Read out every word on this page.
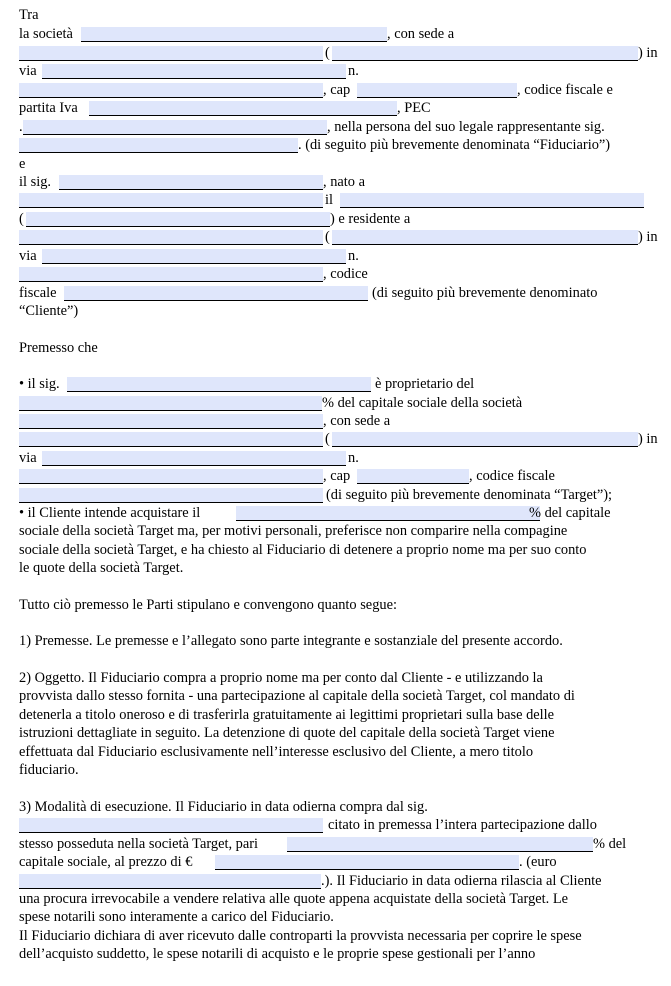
Tra
la società	, con sede a
(	) in
via	n.
, cap	, codice fiscale e
partita Iva	, PEC
.	, nella persona del suo legale rappresentante sig.
. (di seguito più brevemente denominata “Fiduciario”)
e
il sig.	, nato a
il
(	) e residente a
(	) in
via	n.
, codice
fiscale	(di seguito più brevemente denominato
“Cliente”)
Premesso che
• il sig.	è proprietario del
% del capitale sociale della società
, con sede a
(	) in
via	n.
, cap	, codice fiscale
(di seguito più brevemente denominata “Target”);
• il Cliente intende acquistare il	% del capitale
sociale della società Target ma, per motivi personali, preferisce non comparire nella compagine
sociale della società Target, e ha chiesto al Fiduciario di detenere a proprio nome ma per suo conto
le quote della società Target.
Tutto ciò premesso le Parti stipulano e convengono quanto segue:
1) Premesse. Le premesse e l’allegato sono parte integrante e sostanziale del presente accordo.
2) Oggetto. Il Fiduciario compra a proprio nome ma per conto dal Cliente - e utilizzando la
provvista dallo stesso fornita - una partecipazione al capitale della società Target, col mandato di
detenerla a titolo oneroso e di trasferirla gratuitamente ai legittimi proprietari sulla base delle
istruzioni dettagliate in seguito. La detenzione di quote del capitale della società Target viene
effettuata dal Fiduciario esclusivamente nell’interesse esclusivo del Cliente, a mero titolo
fiduciario.
3) Modalità di esecuzione. Il Fiduciario in data odierna compra dal sig.
citato in premessa l’intera partecipazione dallo
stesso posseduta nella società Target, pari	% del
capitale sociale, al prezzo di €	. (euro
.). Il Fiduciario in data odierna rilascia al Cliente
una procura irrevocabile a vendere relativa alle quote appena acquistate della società Target. Le
spese notarili sono interamente a carico del Fiduciario.
Il Fiduciario dichiara di aver ricevuto dalle controparti la provvista necessaria per coprire le spese
dell’acquisto suddetto, le spese notarili di acquisto e le proprie spese gestionali per l’anno
